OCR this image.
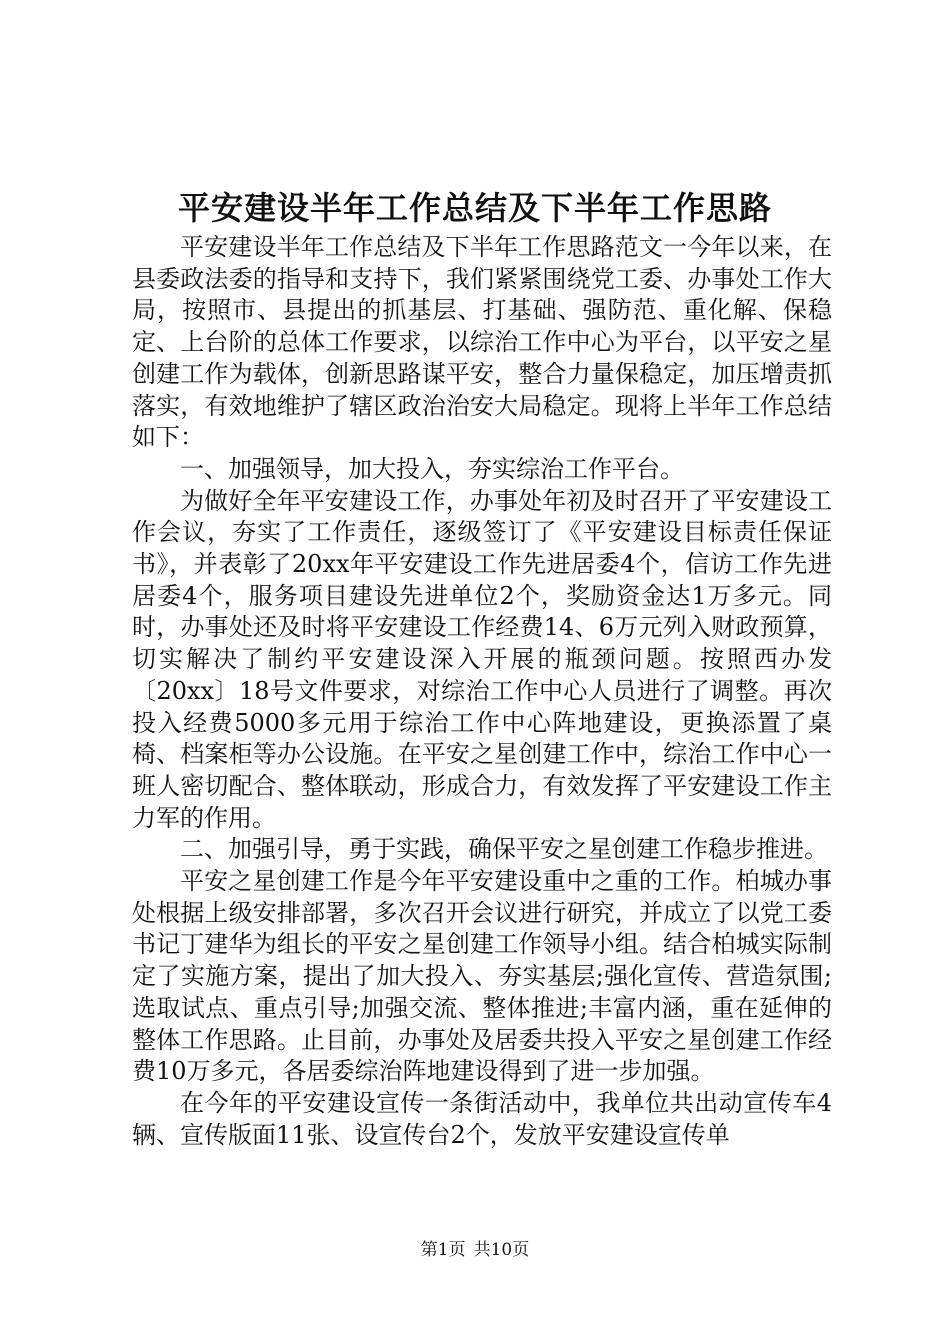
平安建设半年工作总结及下半年工作思路

平安建设半年工作总结及下半年工作思路范文一今年以来，在县委政法委的指导和支持下，我们紧紧围绕党工委、办事处工作大局，按照市、县提出的抓基层、打基础、强防范、重化解、保稳定、上台阶的总体工作要求，以综治工作中心为平台，以平安之星创建工作为载体，创新思路谋平安，整合力量保稳定，加压增责抓落实，有效地维护了辖区政治治安大局稳定。现将上半年工作总结如下：

一、加强领导，加大投入，夯实综治工作平台。

为做好全年平安建设工作，办事处年初及时召开了平安建设工作会议，夯实了工作责任，逐级签订了《平安建设目标责任保证书》，并表彰了20xx年平安建设工作先进居委4个，信访工作先进居委4个，服务项目建设先进单位2个，奖励资金达1万多元。同时，办事处还及时将平安建设工作经费14、6万元列入财政预算，切实解决了制约平安建设深入开展的瓶颈问题。按照西办发〔20xx〕18号文件要求，对综治工作中心人员进行了调整。再次投入经费5000多元用于综治工作中心阵地建设，更换添置了桌椅、档案柜等办公设施。在平安之星创建工作中，综治工作中心一班人密切配合、整体联动，形成合力，有效发挥了平安建设工作主力军的作用。

二、加强引导，勇于实践，确保平安之星创建工作稳步推进。

平安之星创建工作是今年平安建设重中之重的工作。柏城办事处根据上级安排部署，多次召开会议进行研究，并成立了以党工委书记丁建华为组长的平安之星创建工作领导小组。结合柏城实际制定了实施方案，提出了加大投入、夯实基层;强化宣传、营造氛围;选取试点、重点引导;加强交流、整体推进;丰富内涵，重在延伸的整体工作思路。止目前，办事处及居委共投入平安之星创建工作经费10万多元，各居委综治阵地建设得到了进一步加强。

在今年的平安建设宣传一条街活动中，我单位共出动宣传车4辆、宣传版面11张、设宣传台2个，发放平安建设宣传单

第1页 共10页
